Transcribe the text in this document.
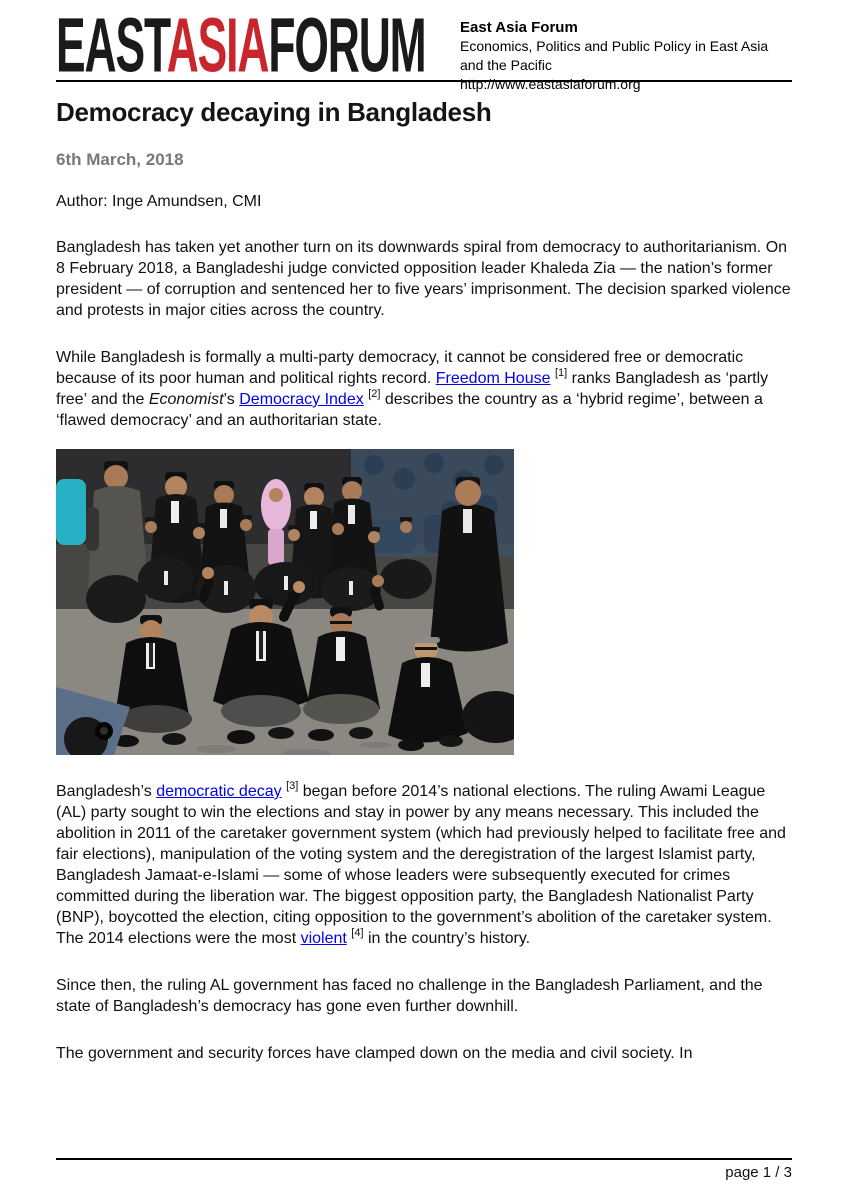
EASTASIAFORUM East Asia Forum
Economics, Politics and Public Policy in East Asia
and the Pacific
http://www.eastasiaforum.org
Democracy decaying in Bangladesh
6th March, 2018
Author: Inge Amundsen, CMI

Bangladesh has taken yet another turn on its downwards spiral from democracy to authoritarianism. On 8 February 2018, a Bangladeshi judge convicted opposition leader Khaleda Zia — the nation’s former president — of corruption and sentenced her to five years’ imprisonment. The decision sparked violence and protests in major cities across the country.

While Bangladesh is formally a multi-party democracy, it cannot be considered free or democratic because of its poor human and political rights record. Freedom House [1] ranks Bangladesh as ‘partly free’ and the Economist’s Democracy Index [2] describes the country as a ‘hybrid regime’, between a ‘flawed democracy’ and an authoritarian state.

Bangladesh’s democratic decay [3] began before 2014’s national elections. The ruling Awami League (AL) party sought to win the elections and stay in power by any means necessary. This included the abolition in 2011 of the caretaker government system (which had previously helped to facilitate free and fair elections), manipulation of the voting system and the deregistration of the largest Islamist party, Bangladesh Jamaat-e-Islami — some of whose leaders were subsequently executed for crimes committed during the liberation war. The biggest opposition party, the Bangladesh Nationalist Party (BNP), boycotted the election, citing opposition to the government’s abolition of the caretaker system. The 2014 elections were the most violent [4] in the country’s history.

Since then, the ruling AL government has faced no challenge in the Bangladesh Parliament, and the state of Bangladesh’s democracy has gone even further downhill.

The government and security forces have clamped down on the media and civil society. In

page 1 / 3
